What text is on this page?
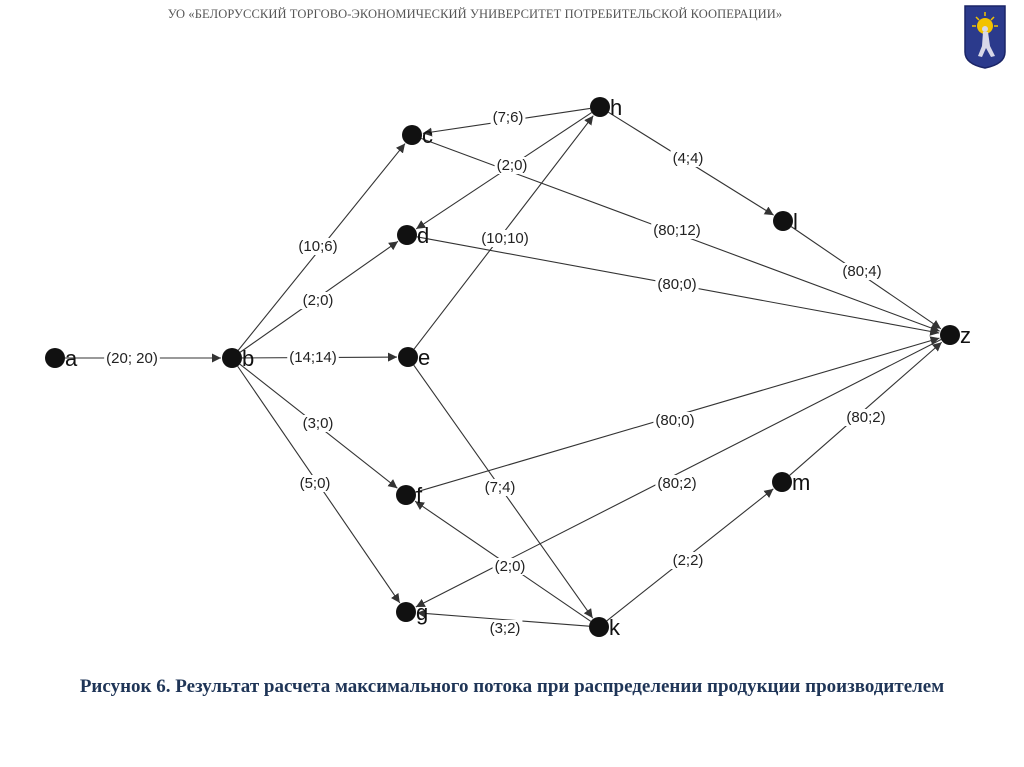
УО «БЕЛОРУССКИЙ ТОРГОВО-ЭКОНОМИЧЕСКИЙ УНИВЕРСИТЕТ ПОТРЕБИТЕЛЬСКОЙ КООПЕРАЦИИ»
(20; 20)
(10;6)
(2;0)
(14;14)
(3;0)
(5;0)
(7;6)
(2;0)
(10;10)
(4;4)
(80;12)
(80;0)
(80;4)
(80;0)
(80;2)
(7;4)
(2;0)
(3;2)
(2;2)
(80;2)
a	b
c
d
e
f
g
h
k
l
m
z
Рисунок 6. Результат расчета максимального потока при распределении продукции производителем
